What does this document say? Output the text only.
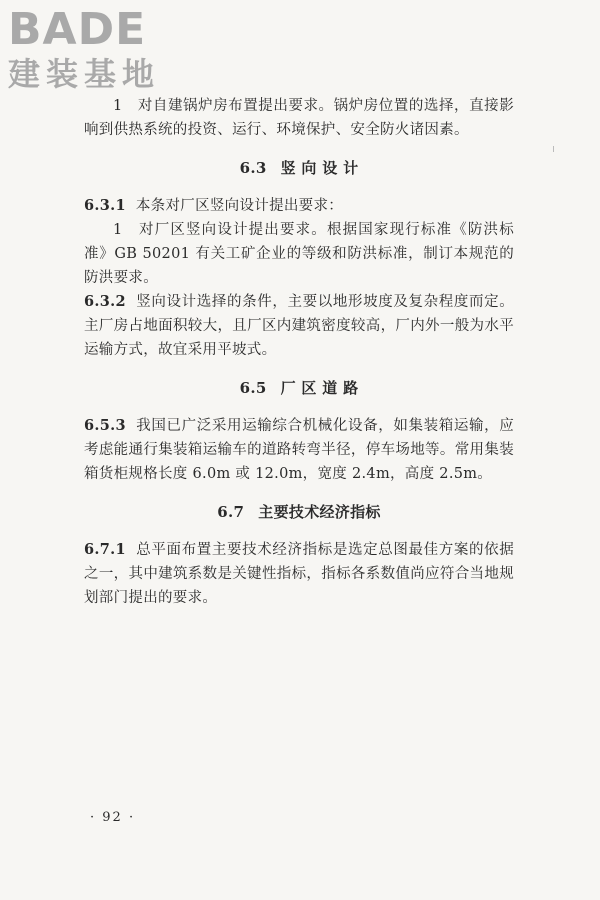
BADE
建装基地

1　对自建锅炉房布置提出要求。锅炉房位置的选择，直接影响到供热系统的投资、运行、环境保护、安全防火诸因素。

6.3 竖 向 设 计

6.3.1 本条对厂区竖向设计提出要求：

1　对厂区竖向设计提出要求。根据国家现行标准《防洪标准》GB 50201 有关工矿企业的等级和防洪标准，制订本规范的防洪要求。

6.3.2 竖向设计选择的条件，主要以地形坡度及复杂程度而定。主厂房占地面积较大，且厂区内建筑密度较高，厂内外一般为水平运输方式，故宜采用平坡式。

6.5 厂 区 道 路

6.5.3 我国已广泛采用运输综合机械化设备，如集装箱运输，应考虑能通行集装箱运输车的道路转弯半径，停车场地等。常用集装箱货柜规格长度 6.0m 或 12.0m，宽度 2.4m，高度 2.5m。

6.7 主要技术经济指标

6.7.1 总平面布置主要技术经济指标是选定总图最佳方案的依据之一，其中建筑系数是关键性指标，指标各系数值尚应符合当地规划部门提出的要求。

· 92 ·
